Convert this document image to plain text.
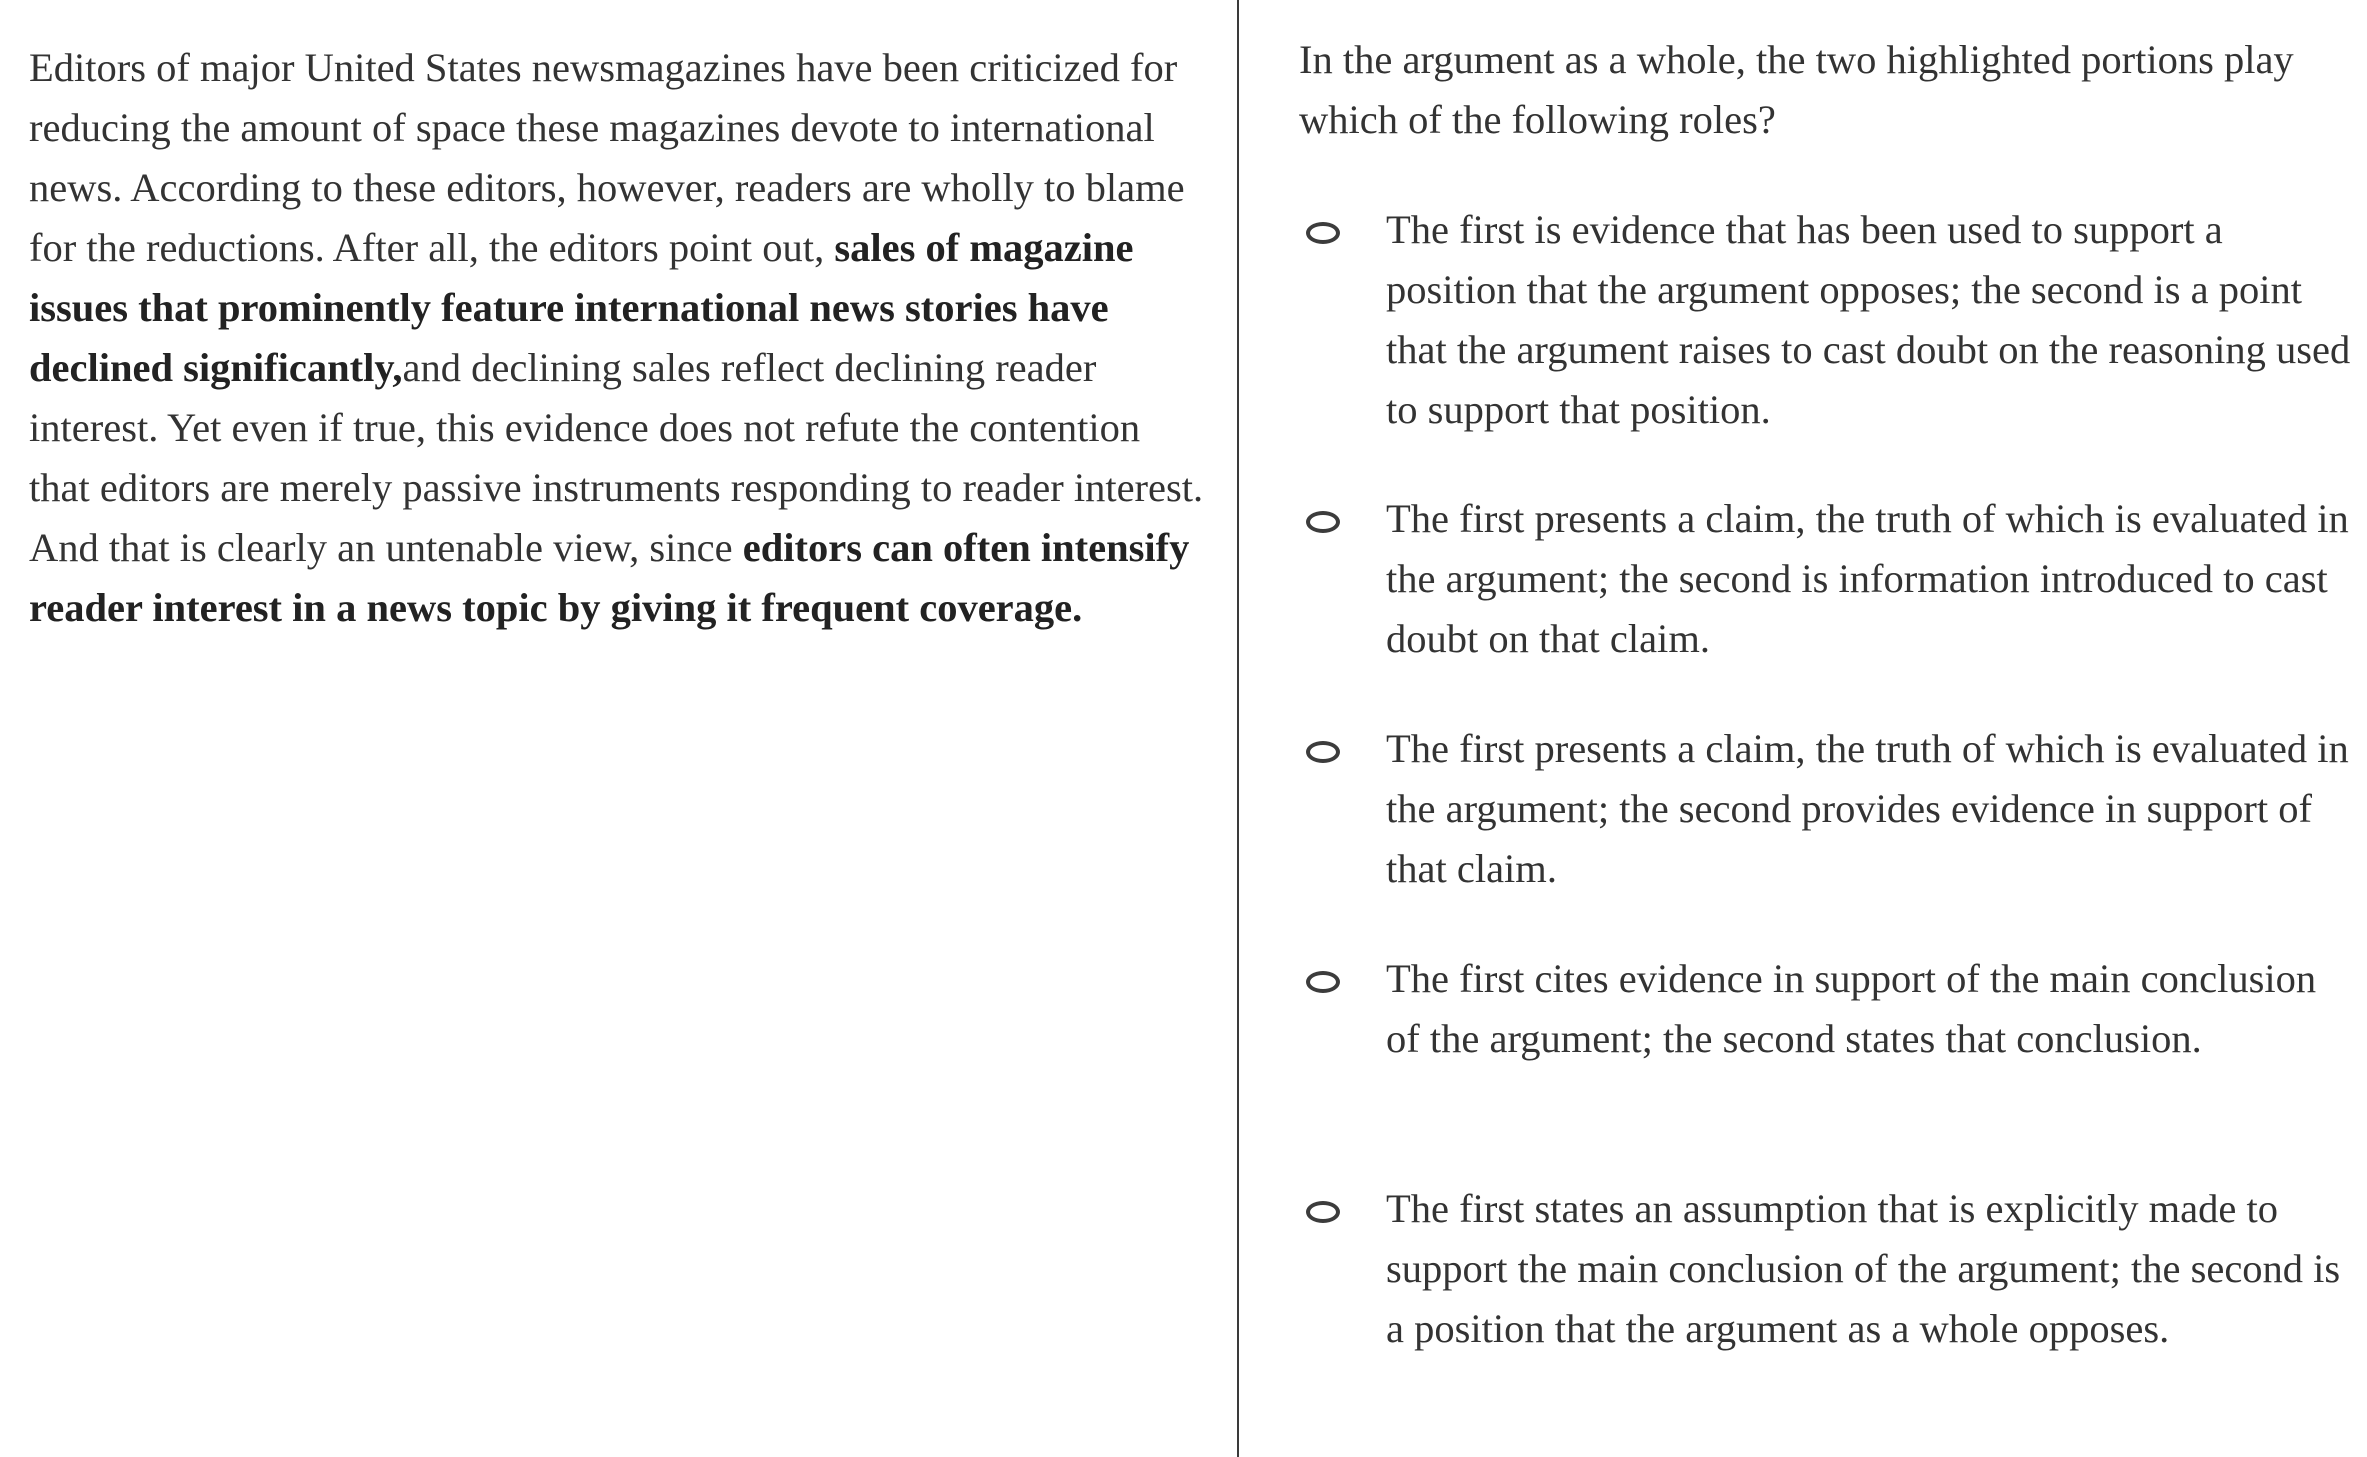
Editors of major United States newsmagazines have been criticized for reducing the amount of space these magazines devote to international news. According to these editors, however, readers are wholly to blame for the reductions. After all, the editors point out, sales of magazine issues that prominently feature international news stories have declined significantly,and declining sales reflect declining reader interest. Yet even if true, this evidence does not refute the contention that editors are merely passive instruments responding to reader interest. And that is clearly an untenable view, since editors can often intensify reader interest in a news topic by giving it frequent coverage.

In the argument as a whole, the two highlighted portions play which of the following roles?

The first is evidence that has been used to support a position that the argument opposes; the second is a point that the argument raises to cast doubt on the reasoning used to support that position.
The first presents a claim, the truth of which is evaluated in the argument; the second is information introduced to cast doubt on that claim.
The first presents a claim, the truth of which is evaluated in the argument; the second provides evidence in support of that claim.
The first cites evidence in support of the main conclusion of the argument; the second states that conclusion.
The first states an assumption that is explicitly made to support the main conclusion of the argument; the second is a position that the argument as a whole opposes.
